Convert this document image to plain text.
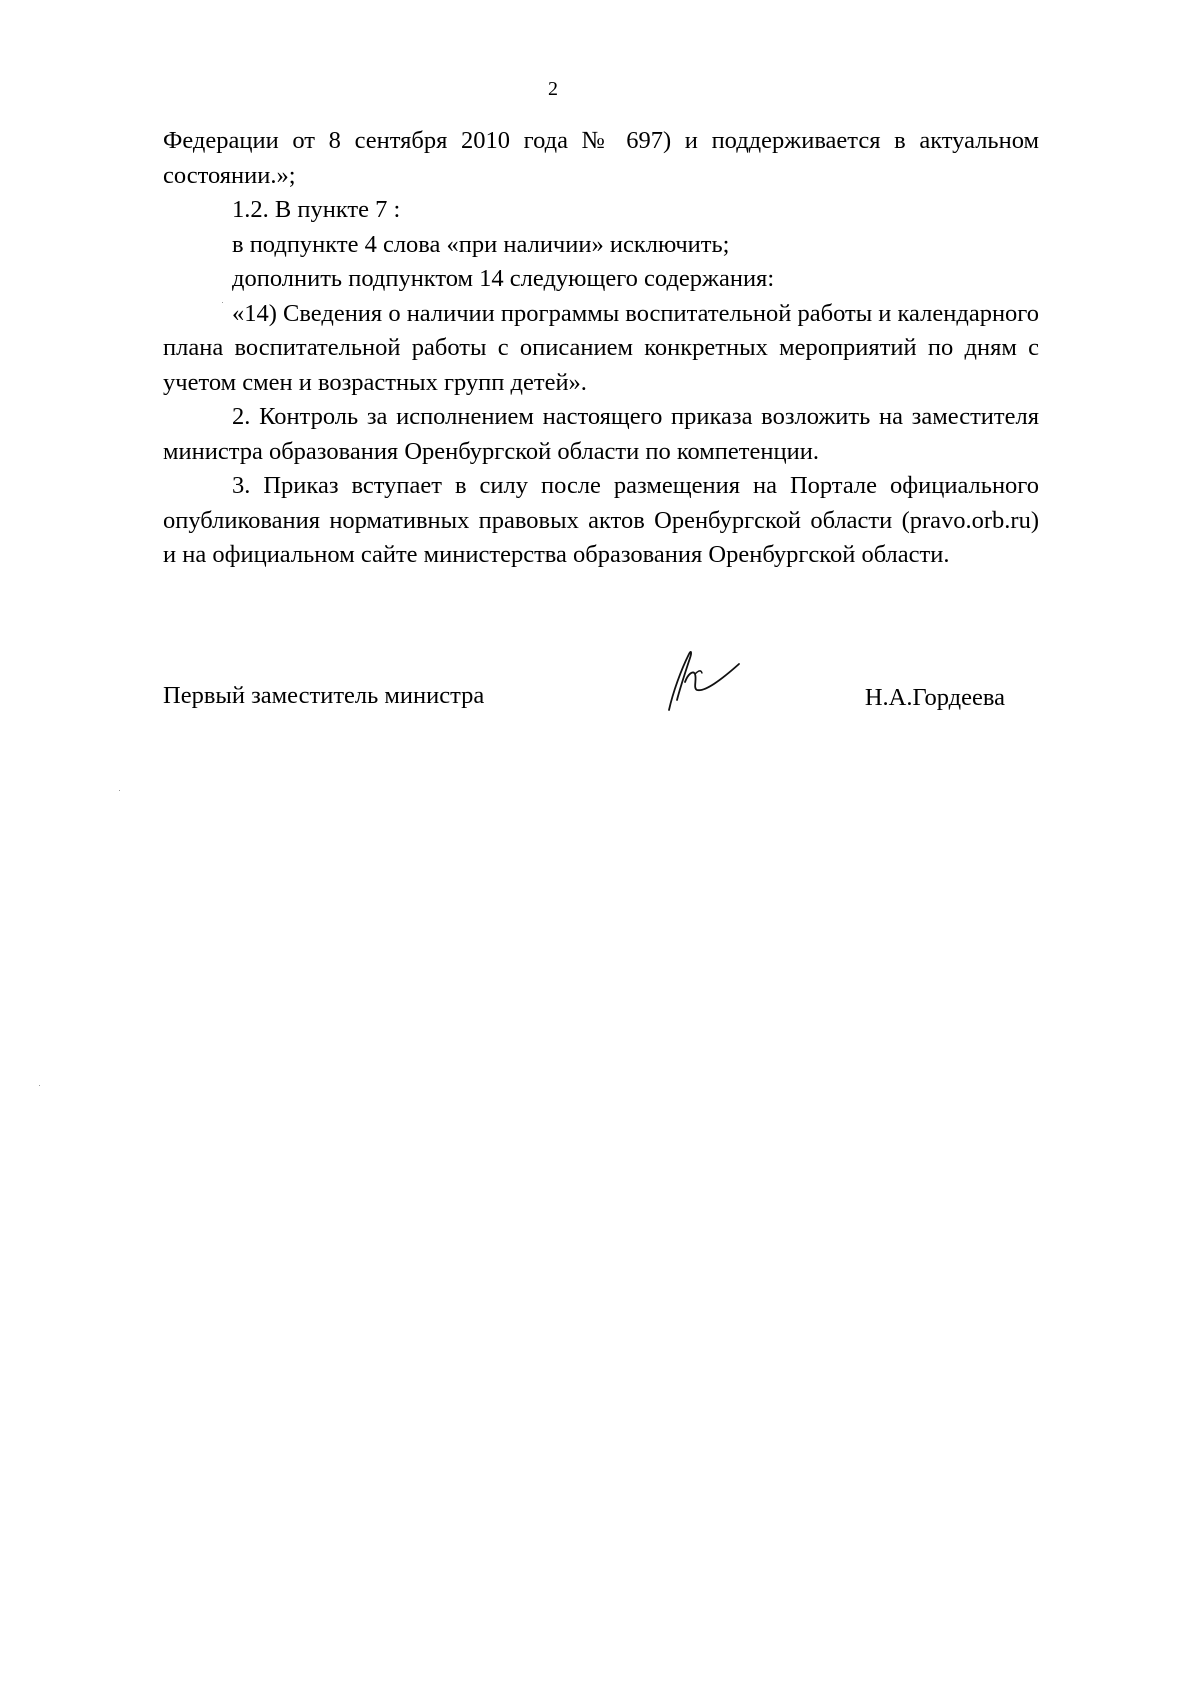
2

Федерации от 8 сентября 2010 года № 697) и поддерживается в актуальном состоянии.»;

1.2. В пункте 7 :

в подпункте 4 слова «при наличии» исключить;

дополнить подпунктом 14 следующего содержания:

«14) Сведения о наличии программы воспитательной работы и календарного плана воспитательной работы с описанием конкретных мероприятий по дням с учетом смен и возрастных групп детей».

2. Контроль за исполнением настоящего приказа возложить на заместителя министра образования Оренбургской области по компетенции.

3. Приказ вступает в силу после размещения на Портале официального опубликования нормативных правовых актов Оренбургской области (pravo.orb.ru) и на официальном сайте министерства образования Оренбургской области.

Первый заместитель министра	Н.А.Гордеева
